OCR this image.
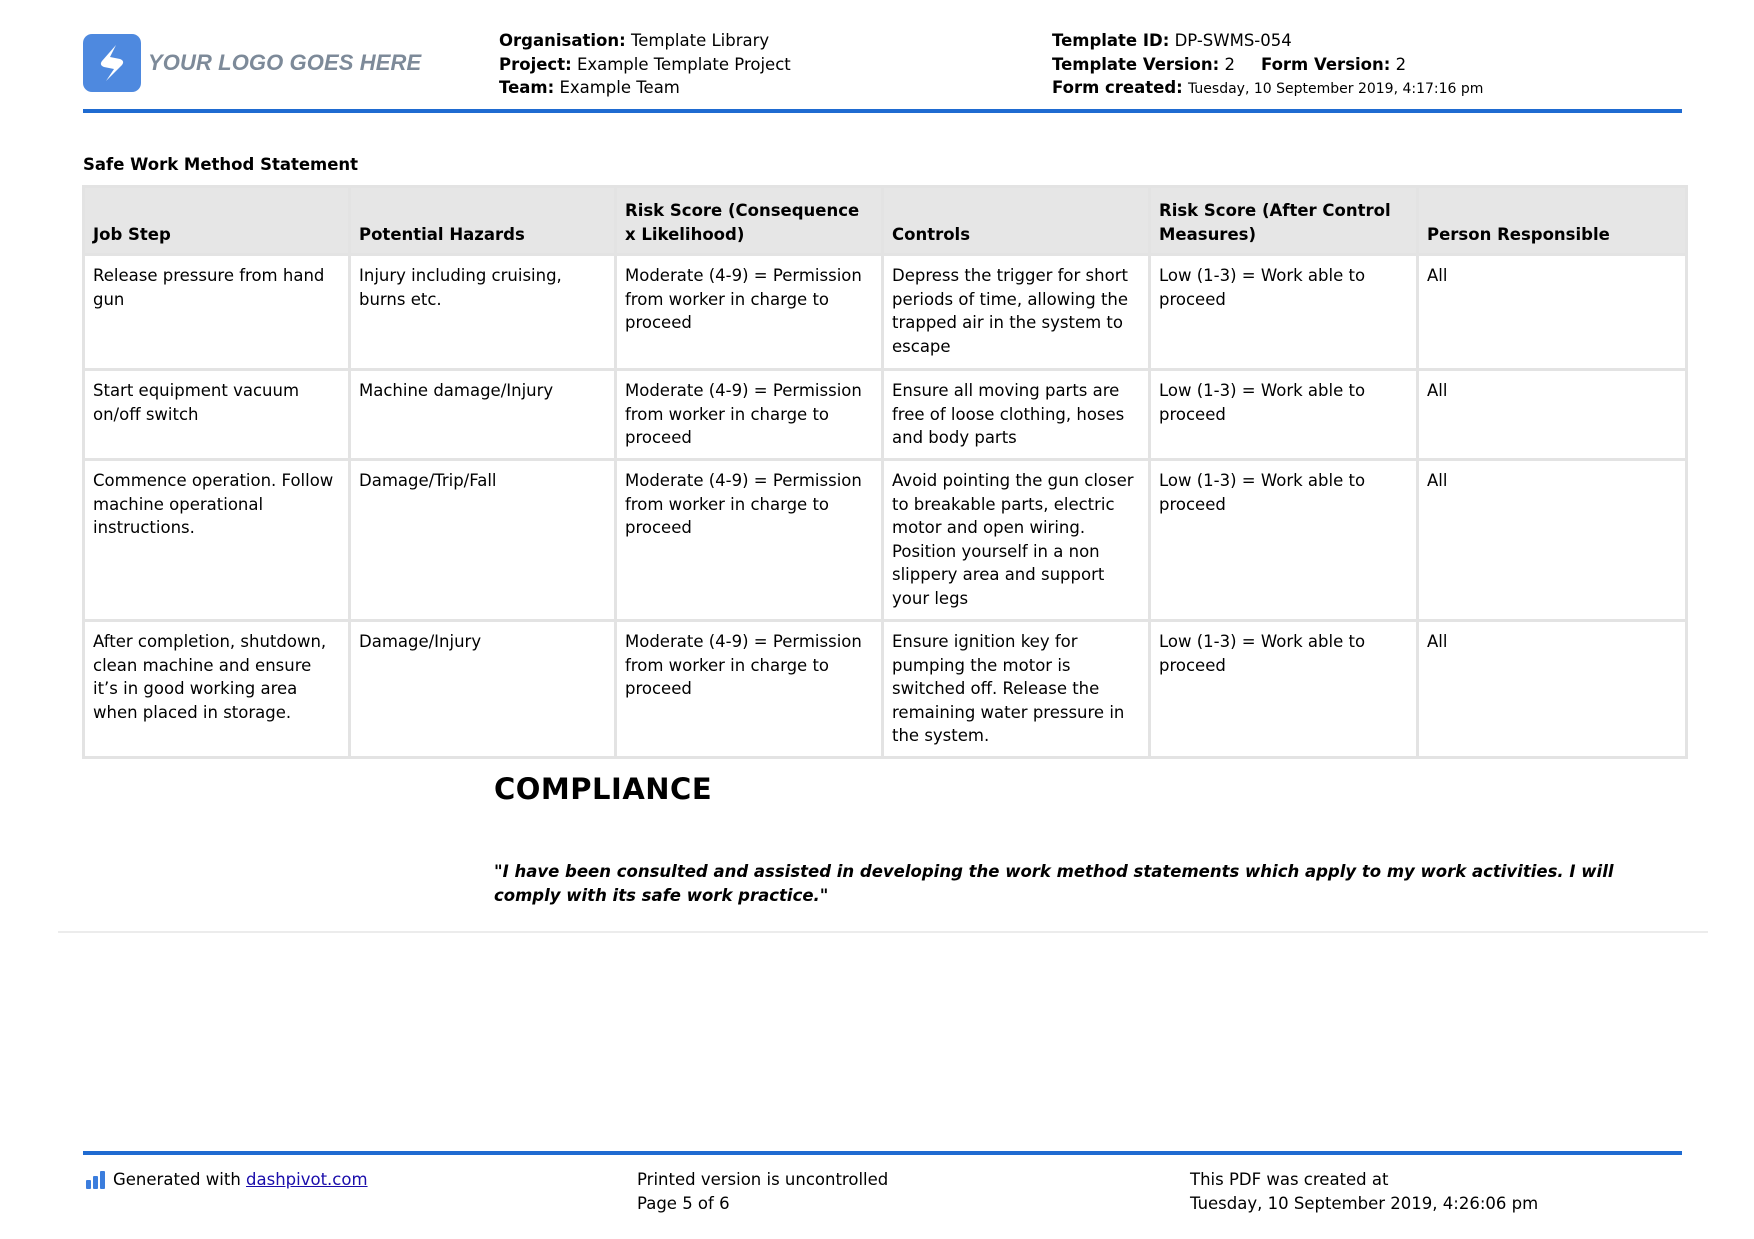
YOUR LOGO GOES HERE
Organisation: Template Library
Project: Example Template Project
Team: Example Team
Template ID: DP-SWMS-054
Template Version: 2 Form Version: 2
Form created: Tuesday, 10 September 2019, 4:17:16 pm
Safe Work Method Statement
Job Step	Potential Hazards	Risk Score (Consequence x Likelihood)	Controls	Risk Score (After Control Measures)	Person Responsible
Release pressure from hand gun	Injury including cruising, burns etc.	Moderate (4-9) = Permission from worker in charge to proceed	Depress the trigger for short periods of time, allowing the trapped air in the system to escape	Low (1-3) = Work able to proceed	All
Start equipment vacuum on/off switch	Machine damage/Injury	Moderate (4-9) = Permission from worker in charge to proceed	Ensure all moving parts are free of loose clothing, hoses and body parts	Low (1-3) = Work able to proceed	All
Commence operation. Follow machine operational instructions.	Damage/Trip/Fall	Moderate (4-9) = Permission from worker in charge to proceed	Avoid pointing the gun closer to breakable parts, electric motor and open wiring. Position yourself in a non slippery area and support your legs	Low (1-3) = Work able to proceed	All
After completion, shutdown, clean machine and ensure it’s in good working area when placed in storage.	Damage/Injury	Moderate (4-9) = Permission from worker in charge to proceed	Ensure ignition key for pumping the motor is switched off. Release the remaining water pressure in the system.	Low (1-3) = Work able to proceed	All
COMPLIANCE
"I have been consulted and assisted in developing the work method statements which apply to my work activities. I will comply with its safe work practice."
Generated with dashpivot.com	Printed version is uncontrolled
Page 5 of 6
This PDF was created at
Tuesday, 10 September 2019, 4:26:06 pm
